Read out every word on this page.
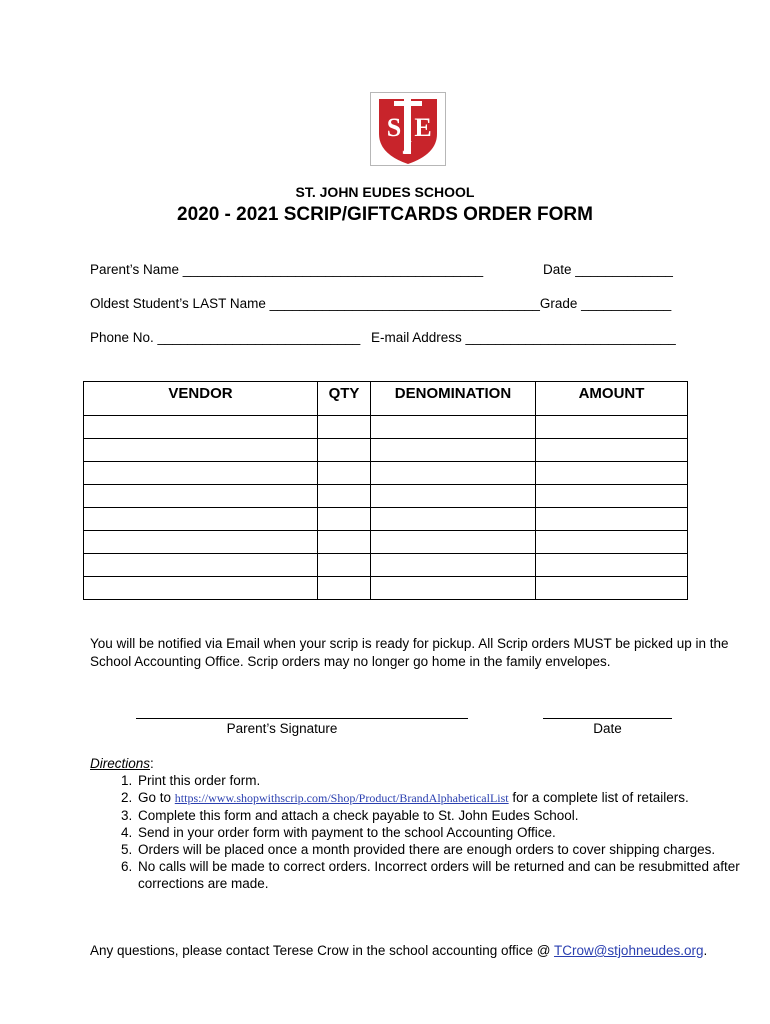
S E
J
ST. JOHN EUDES SCHOOL
2020 - 2021 SCRIP/GIFTCARDS ORDER FORM
Parent’s Name ________________________________________	Date _____________
Oldest Student’s LAST Name ____________________________________Grade ____________
Phone No. ___________________________ E-mail Address ____________________________
VENDOR	QTY	DENOMINATION	AMOUNT

You will be notified via Email when your scrip is ready for pickup. All Scrip orders MUST be picked up in the School Accounting Office. Scrip orders may no longer go home in the family envelopes.
Parent’s Signature	Date
Directions:
1. Print this order form.
2. Go to https://www.shopwithscrip.com/Shop/Product/BrandAlphabeticalList for a complete list of retailers.
3. Complete this form and attach a check payable to St. John Eudes School.
4. Send in your order form with payment to the school Accounting Office.
5. Orders will be placed once a month provided there are enough orders to cover shipping charges.
6. No calls will be made to correct orders. Incorrect orders will be returned and can be resubmitted after corrections are made.
Any questions, please contact Terese Crow in the school accounting office @ TCrow@stjohneudes.org.
